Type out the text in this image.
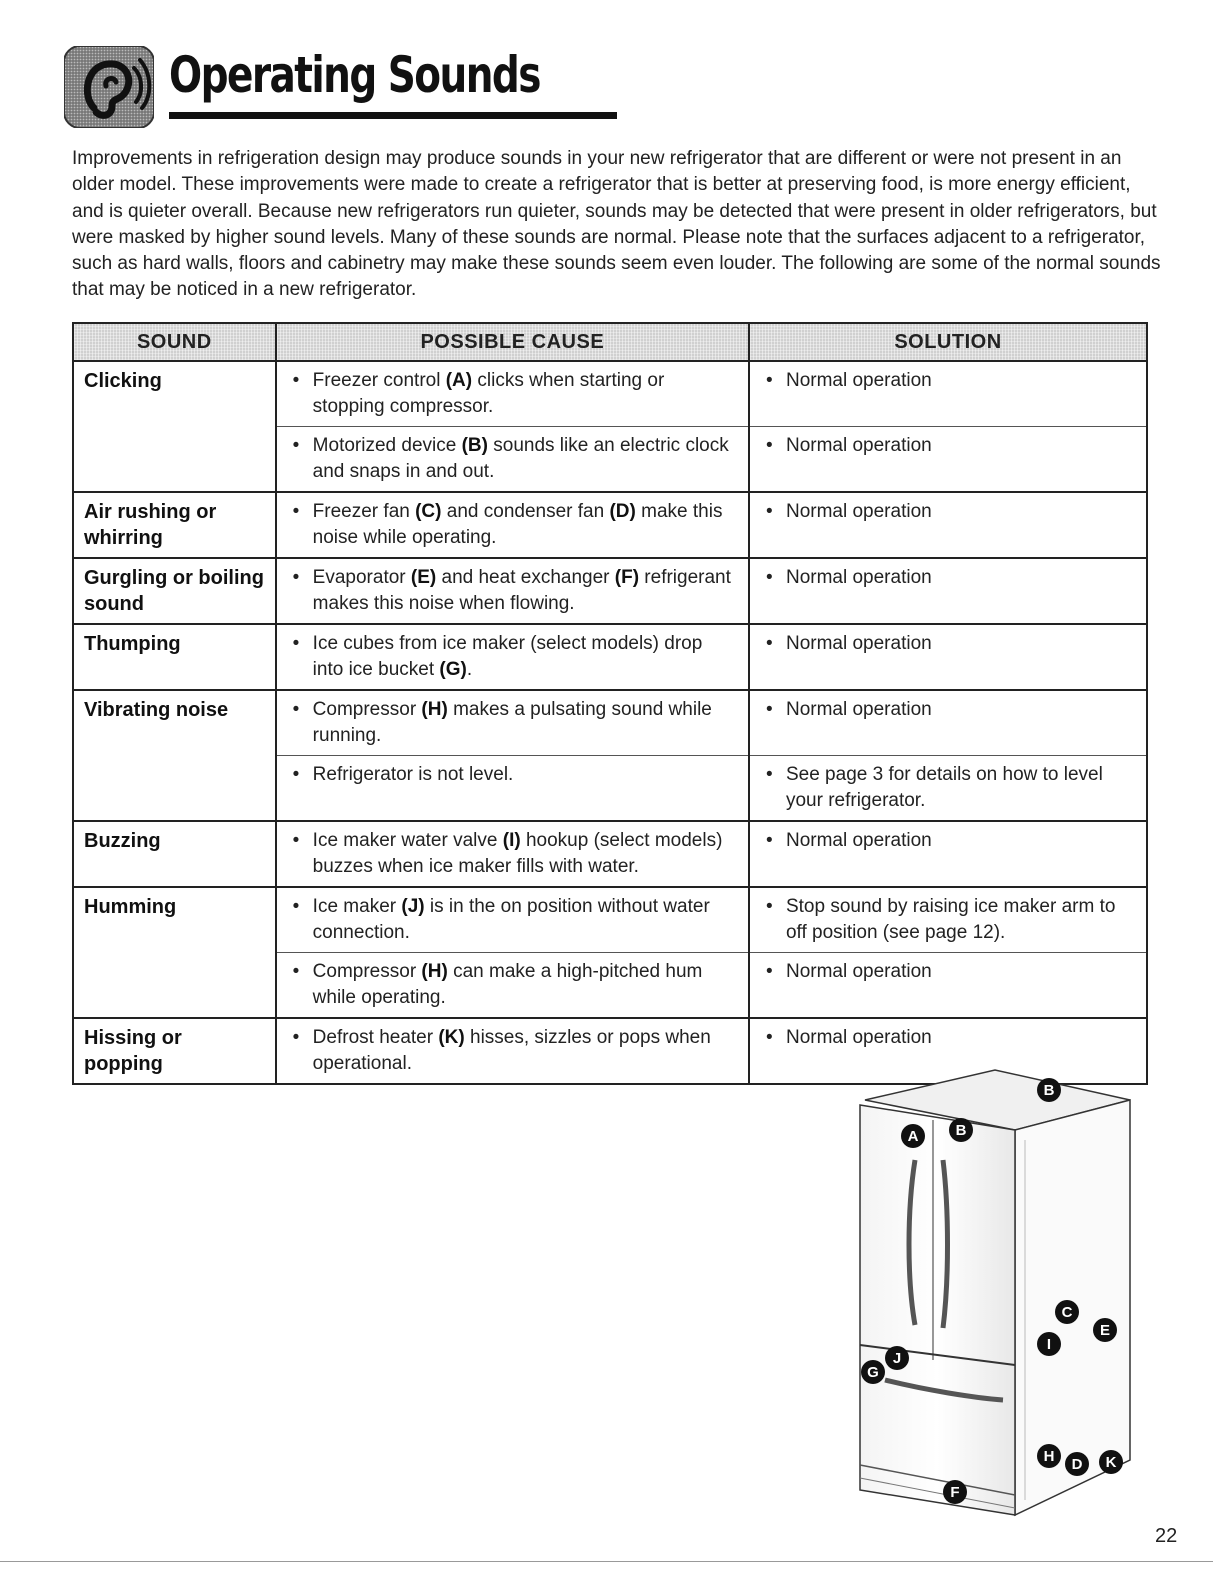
Operating Sounds

Improvements in refrigeration design may produce sounds in your new refrigerator that are different or were not present in an older model. These improvements were made to create a refrigerator that is better at preserving food, is more energy efficient, and is quieter overall. Because new refrigerators run quieter, sounds may be detected that were present in older refrigerators, but were masked by higher sound levels. Many of these sounds are normal. Please note that the surfaces adjacent to a refrigerator, such as hard walls, floors and cabinetry may make these sounds seem even louder. The following are some of the normal sounds that may be noticed in a new refrigerator.

SOUND	POSSIBLE CAUSE	SOLUTION
Clicking	• Freezer control (A) clicks when starting or stopping compressor.	• Normal operation

	• Motorized device (B) sounds like an electric clock and snaps in and out.	• Normal operation

Air rushing or whirring	• Freezer fan (C) and condenser fan (D) make this noise while operating.	• Normal operation

Gurgling or boiling sound	• Evaporator (E) and heat exchanger (F) refrigerant makes this noise when flowing.	• Normal operation

Thumping	• Ice cubes from ice maker (select models) drop into ice bucket (G).	• Normal operation

Vibrating noise	• Compressor (H) makes a pulsating sound while running.	• Normal operation

	• Refrigerator is not level.	• See page 3 for details on how to level your refrigerator.

Buzzing	• Ice maker water valve (I) hookup (select models) buzzes when ice maker fills with water.	• Normal operation

Humming	• Ice maker (J) is in the on position without water connection.	• Stop sound by raising ice maker arm to off position (see page 12).

	• Compressor (H) can make a high-pitched hum while operating.	• Normal operation

Hissing or popping	• Defrost heater (K) hisses, sizzles or pops when operational.	• Normal operation
A B
B
C
E
I
G
J
H D K
F
22
